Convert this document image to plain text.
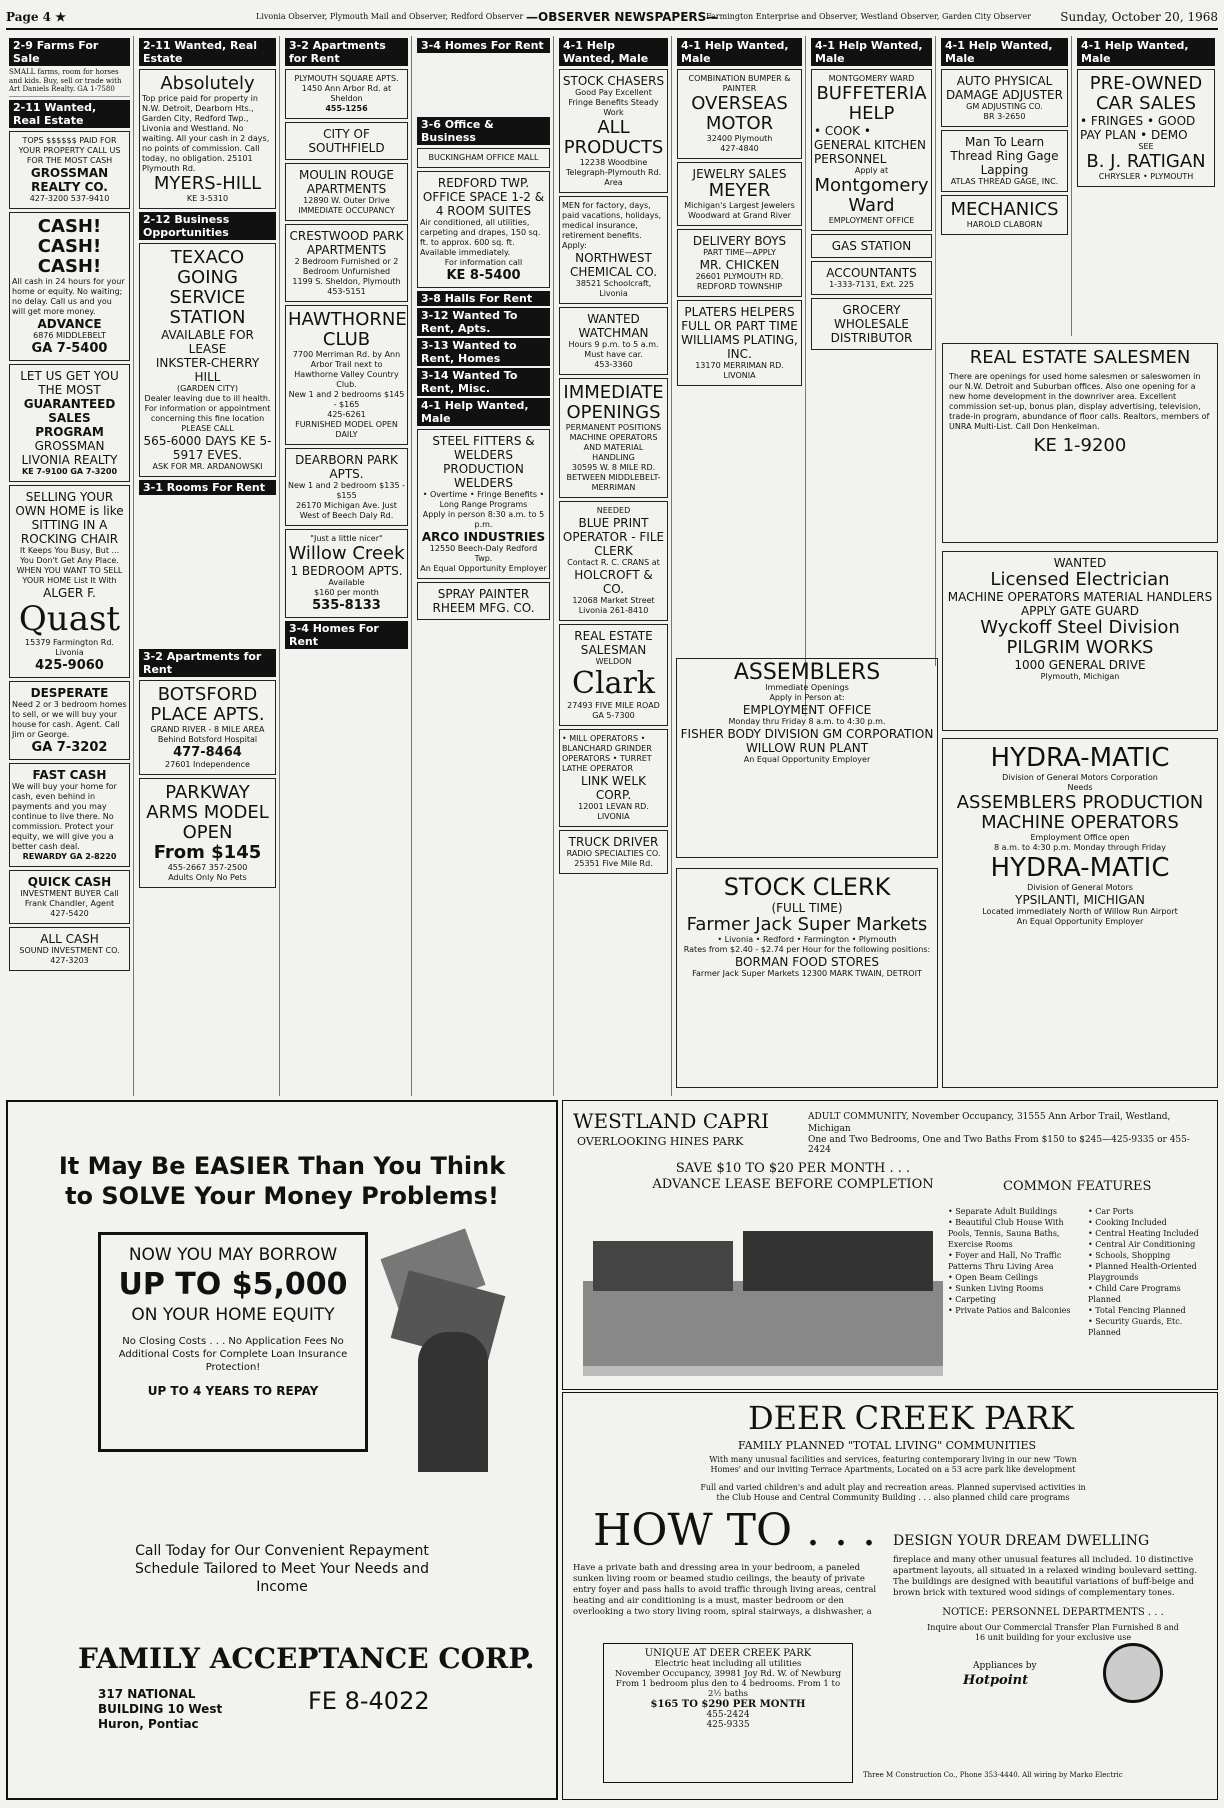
Page 4 ★	Livonia Observer, Plymouth Mail and Observer, Redford Observer —OBSERVER NEWSPAPERS—
Farmington Enterprise and Observer, Westland Observer, Garden City Observer Sunday, October 20, 1968
2-9 Farms For Sale
SMALL farms, room for horses and kids. Buy, sell or trade with Art Daniels Realty. GA 1-7580
2-11 Wanted, Real Estate
TOPS $$$$$$ PAID FOR YOUR PROPERTY CALL US FOR THE MOST CASH
GROSSMAN REALTY CO.
427-3200 537-9410
CASH! CASH! CASH!
All cash in 24 hours for your home or equity. No waiting; no delay. Call us and you will get more money.
ADVANCE
6876 MIDDLEBELT
GA 7-5400
LET US GET YOU THE MOST
GUARANTEED SALES PROGRAM
GROSSMAN LIVONIA REALTY
KE 7-9100 GA 7-3200
SELLING YOUR OWN HOME is like SITTING IN A ROCKING CHAIR
It Keeps You Busy, But ... You Don't Get Any Place.
WHEN YOU WANT TO SELL YOUR HOME List It With
ALGER F.
Quast
15379 Farmington Rd. Livonia
425-9060
DESPERATE
Need 2 or 3 bedroom homes to sell, or we will buy your house for cash. Agent. Call Jim or George.
GA 7-3202
FAST CASH
We will buy your home for cash, even behind in payments and you may continue to live there. No commission. Protect your equity, we will give you a better cash deal.
REWARDY GA 2-8220
QUICK CASH
INVESTMENT BUYER Call Frank Chandler, Agent
427-5420
ALL CASH
SOUND INVESTMENT CO.
427-3203
2-11 Wanted, Real Estate
Absolutely
Top price paid for property in N.W. Detroit, Dearborn Hts., Garden City, Redford Twp., Livonia and Westland. No waiting. All your cash in 2 days, no points of commission. Call today, no obligation. 25101 Plymouth Rd.
MYERS-HILL
KE 3-5310
2-12 Business Opportunities
TEXACO GOING SERVICE STATION
AVAILABLE FOR LEASE
INKSTER-CHERRY HILL
(GARDEN CITY)
Dealer leaving due to ill health.
For information or appointment concerning this fine location
PLEASE CALL
565-6000 DAYS KE 5-5917 EVES.
ASK FOR MR. ARDANOWSKI
3-1 Rooms For Rent
3-2 Apartments for Rent
BOTSFORD PLACE APTS.
GRAND RIVER - 8 MILE AREA Behind Botsford Hospital
477-8464
27601 Independence
PARKWAY ARMS MODEL OPEN
From $145
455-2667 357-2500
Adults Only No Pets
3-2 Apartments for Rent
PLYMOUTH SQUARE APTS.
1450 Ann Arbor Rd. at Sheldon
455-1256
CITY OF SOUTHFIELD
MOULIN ROUGE APARTMENTS
12890 W. Outer Drive
IMMEDIATE OCCUPANCY
CRESTWOOD PARK APARTMENTS
2 Bedroom Furnished or 2 Bedroom Unfurnished
1199 S. Sheldon, Plymouth
453-5151
HAWTHORNE CLUB
7700 Merriman Rd. by Ann Arbor Trail next to Hawthorne Valley Country Club.
New 1 and 2 bedrooms $145 - $165
425-6261
FURNISHED MODEL OPEN DAILY
DEARBORN PARK APTS.
New 1 and 2 bedroom $135 - $155
26170 Michigan Ave. Just West of Beech Daly Rd.
"Just a little nicer"
Willow Creek
1 BEDROOM APTS.
Available
$160 per month
535-8133
3-4 Homes For Rent
3-4 Homes For Rent
3-6 Office & Business
BUCKINGHAM OFFICE MALL
REDFORD TWP.
OFFICE SPACE 1-2 & 4 ROOM SUITES
Air conditioned, all utilities, carpeting and drapes, 150 sq. ft. to approx. 600 sq. ft. Available immediately.
For information call
KE 8-5400
3-8 Halls For Rent
3-12 Wanted To Rent, Apts.
3-13 Wanted to Rent, Homes
3-14 Wanted To Rent, Misc.
4-1 Help Wanted, Male
STEEL FITTERS & WELDERS PRODUCTION WELDERS
• Overtime • Fringe Benefits • Long Range Programs
Apply in person 8:30 a.m. to 5 p.m.
ARCO INDUSTRIES
12550 Beech-Daly Redford Twp.
An Equal Opportunity Employer
SPRAY PAINTER
RHEEM MFG. CO.
4-1 Help Wanted, Male
STOCK CHASERS
Good Pay Excellent Fringe Benefits Steady Work
ALL PRODUCTS
12238 Woodbine Telegraph-Plymouth Rd. Area
MEN for factory, days, paid vacations, holidays, medical insurance, retirement benefits. Apply:
NORTHWEST CHEMICAL CO.
38521 Schoolcraft, Livonia
WANTED WATCHMAN
Hours 9 p.m. to 5 a.m. Must have car.
453-3360
IMMEDIATE OPENINGS
PERMANENT POSITIONS MACHINE OPERATORS AND MATERIAL HANDLING
30595 W. 8 MILE RD. BETWEEN MIDDLEBELT-MERRIMAN
NEEDED
BLUE PRINT OPERATOR - FILE CLERK
Contact R. C. CRANS at
HOLCROFT & CO.
12068 Market Street Livonia 261-8410
REAL ESTATE SALESMAN
WELDON
Clark
27493 FIVE MILE ROAD
GA 5-7300
• MILL OPERATORS • BLANCHARD GRINDER OPERATORS • TURRET LATHE OPERATOR
LINK WELK CORP.
12001 LEVAN RD. LIVONIA
TRUCK DRIVER
RADIO SPECIALTIES CO.
25351 Five Mile Rd.
4-1 Help Wanted, Male
COMBINATION BUMPER & PAINTER
OVERSEAS MOTOR
32400 Plymouth
427-4840
JEWELRY SALES
MEYER
Michigan's Largest Jewelers
Woodward at Grand River
DELIVERY BOYS
PART TIME—APPLY
MR. CHICKEN
26601 PLYMOUTH RD. REDFORD TOWNSHIP
PLATERS HELPERS FULL OR PART TIME
WILLIAMS PLATING, INC.
13170 MERRIMAN RD. LIVONIA
4-1 Help Wanted, Male
MONTGOMERY WARD
BUFFETERIA HELP
• COOK • GENERAL KITCHEN PERSONNEL
Apply at
Montgomery Ward
EMPLOYMENT OFFICE
GAS STATION
ACCOUNTANTS
1-333-7131, Ext. 225
GROCERY WHOLESALE DISTRIBUTOR
4-1 Help Wanted, Male
AUTO PHYSICAL DAMAGE ADJUSTER
GM ADJUSTING CO.
BR 3-2650
Man To Learn Thread Ring Gage Lapping
ATLAS THREAD GAGE, INC.
MECHANICS
HAROLD CLABORN
4-1 Help Wanted, Male
PRE-OWNED CAR SALES
• FRINGES • GOOD PAY PLAN • DEMO
SEE
B. J. RATIGAN
CHRYSLER • PLYMOUTH
REAL ESTATE SALESMEN
There are openings for used home salesmen or saleswomen in our N.W. Detroit and Suburban offices. Also one opening for a new home development in the downriver area. Excellent commission set-up, bonus plan, display advertising, television, trade-in program, abundance of floor calls. Realtors, members of UNRA Multi-List. Call Don Henkelman.
KE 1-9200
WANTED
Licensed Electrician
MACHINE OPERATORS MATERIAL HANDLERS APPLY GATE GUARD
Wyckoff Steel Division
PILGRIM WORKS
1000 GENERAL DRIVE
Plymouth, Michigan
ASSEMBLERS
Immediate Openings
Apply in Person at:
EMPLOYMENT OFFICE
Monday thru Friday 8 a.m. to 4:30 p.m.
FISHER BODY DIVISION GM CORPORATION WILLOW RUN PLANT
An Equal Opportunity Employer	HYDRA-MATIC
Division of General Motors Corporation
Needs
ASSEMBLERS PRODUCTION MACHINE OPERATORS
Employment Office open
8 a.m. to 4:30 p.m. Monday through Friday
HYDRA-MATIC
Division of General Motors
YPSILANTI, MICHIGAN
Located immediately North of Willow Run Airport
An Equal Opportunity Employer
STOCK CLERK
(FULL TIME)
Farmer Jack Super Markets
• Livonia • Redford • Farmington • Plymouth
Rates from $2.40 - $2.74 per Hour for the following positions:
BORMAN FOOD STORES
Farmer Jack Super Markets 12300 MARK TWAIN, DETROIT
It May Be EASIER Than You Think
to SOLVE Your Money Problems!
NOW YOU MAY BORROW
UP TO $5,000
ON YOUR HOME EQUITY
No Closing Costs . . . No Application Fees No Additional Costs for Complete Loan Insurance Protection!
UP TO 4 YEARS TO REPAY
Call Today for Our Convenient Repayment Schedule Tailored to Meet Your Needs and Income
FAMILY ACCEPTANCE CORP.
317 NATIONAL BUILDING 10 West Huron, Pontiac
FE 8-4022
WESTLAND CAPRI
OVERLOOKING HINES PARK
ADULT COMMUNITY, November Occupancy, 31555 Ann Arbor Trail, Westland, Michigan
One and Two Bedrooms, One and Two Baths From $150 to $245—425-9335 or 455-2424
SAVE $10 TO $20 PER MONTH . . .
ADVANCE LEASE BEFORE COMPLETION	COMMON FEATURES
• Separate Adult Buildings
• Beautiful Club House With Pools, Tennis, Sauna Baths, Exercise Rooms
• Foyer and Hall, No Traffic Patterns Thru Living Area
• Open Beam Ceilings
• Sunken Living Rooms
• Carpeting
• Private Patios and Balconies
• Car Ports
• Cooking Included
• Central Heating Included
• Central Air Conditioning
• Schools, Shopping
• Planned Health-Oriented Playgrounds
• Child Care Programs Planned
• Total Fencing Planned
• Security Guards, Etc. Planned
DEER CREEK PARK
FAMILY PLANNED "TOTAL LIVING" COMMUNITIES
With many unusual facilities and services, featuring contemporary living in our new 'Town Homes' and our inviting Terrace Apartments, Located on a 53 acre park like development
Full and varied children's and adult play and recreation areas. Planned supervised activities in the Club House and Central Community Building . . . also planned child care programs
HOW TO . . . DESIGN YOUR DREAM DWELLING
Have a private bath and dressing area in your bedroom, a paneled sunken living room or beamed studio ceilings, the beauty of private entry foyer and pass halls to avoid traffic through living areas, central heating and air conditioning is a must, master bedroom or den overlooking a two story living room, spiral stairways, a dishwasher, a
fireplace and many other unusual features all included. 10 distinctive apartment layouts, all situated in a relaxed winding boulevard setting. The buildings are designed with beautiful variations of buff-beige and brown brick with textured wood sidings of complementary tones.
NOTICE: PERSONNEL DEPARTMENTS . . .
Inquire about Our Commercial Transfer Plan Furnished 8 and 16 unit building for your exclusive use
UNIQUE AT DEER CREEK PARK
Electric heat including all utilities
November Occupancy, 39981 Joy Rd. W. of Newburg
From 1 bedroom plus den to 4 bedrooms. From 1 to 2½ baths
$165 TO $290 PER MONTH
455-2424
425-9335
Appliances by
Hotpoint
Three M Construction Co., Phone 353-4440. All wiring by Marko Electric
